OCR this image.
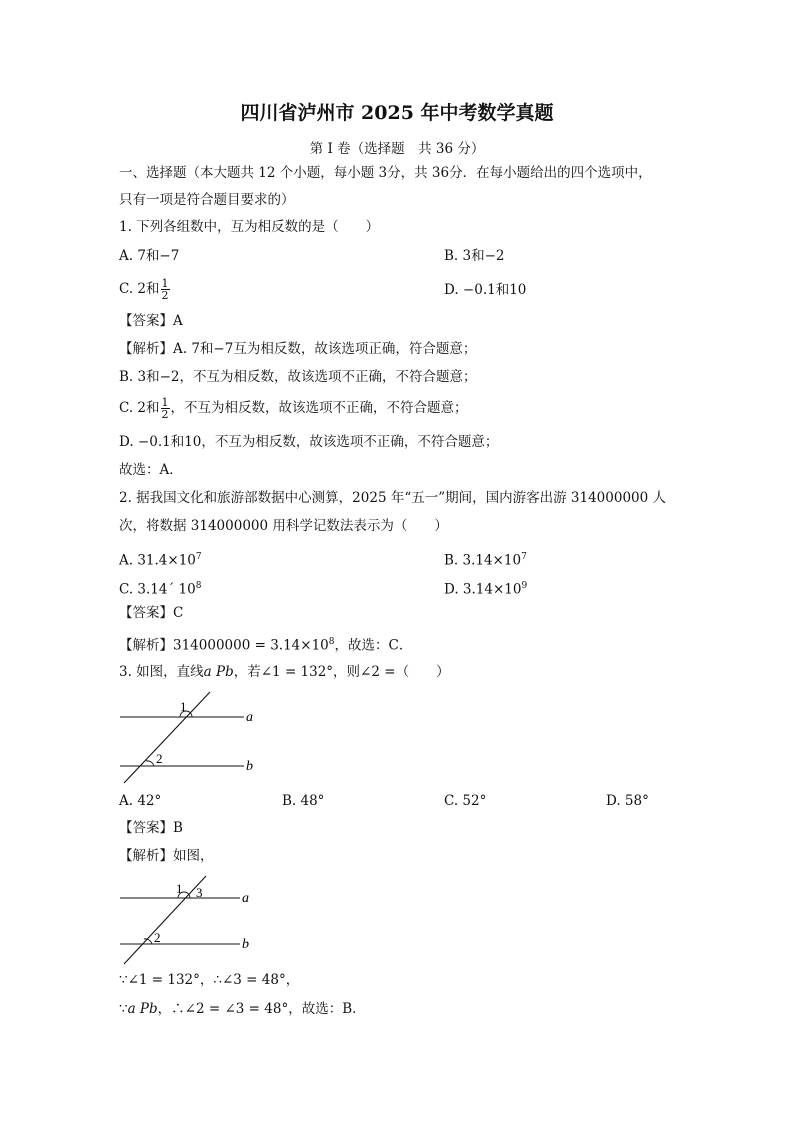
四川省泸州市 2025 年中考数学真题
第 I 卷（选择题　共 36 分）
一、选择题（本大题共 12 个小题，每小题 3分，共 36分．在每小题给出的四个选项中，
只有一项是符合题目要求的）
1. 下列各组数中，互为相反数的是（　　）
A. 7和−7	B. 3和−2
C. 2和 $\frac{1}{2}$	D. −0.1和10
【答案】A
【解析】A. 7和−7互为相反数，故该选项正确，符合题意；
B. 3和−2，不互为相反数，故该选项不正确，不符合题意；
C. 2和 $\frac{1}{2}$ ，不互为相反数，故该选项不正确，不符合题意；
D. −0.1和10，不互为相反数，故该选项不正确，不符合题意；
故选：A．
2. 据我国文化和旅游部数据中心测算，2025 年“五一”期间，国内游客出游 314000000 人
次，将数据 314000000 用科学记数法表示为（　　）
A. $31.4\times 10^7$	B. $3.14\times 10^7$
C. 3.14´ $10^8$	D. $3.14\times 10^9$
【答案】C
【解析】$314000000 = 3.14\times 10^8$，故选：C．
3. 如图，直线a Pb，若∠1 = 132°，则∠2 =（　　）
1
2
a
b
A. 42°	B. 48°	C. 52°	D. 58°
【答案】B
【解析】如图，
1 3
2
a
b
∵∠1 = 132°，∴∠3 = 48°，
∵a Pb，∴∠2 = ∠3 = 48°，故选：B．
